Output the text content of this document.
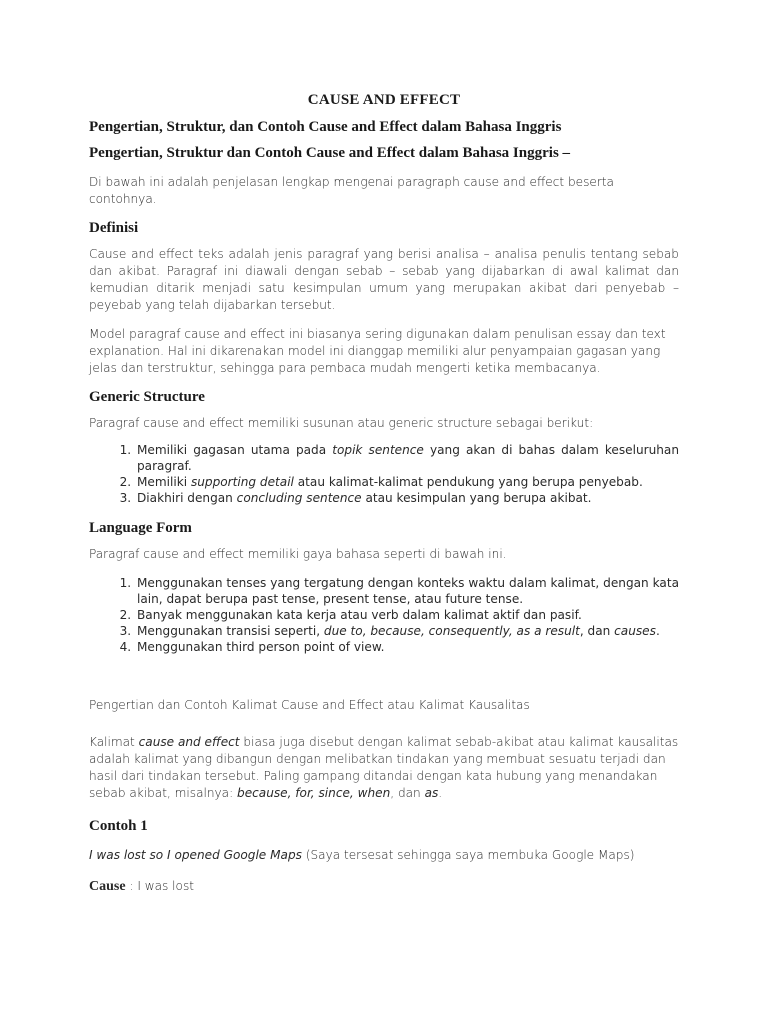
CAUSE AND EFFECT
Pengertian, Struktur, dan Contoh Cause and Effect dalam Bahasa Inggris
Pengertian, Struktur dan Contoh Cause and Effect dalam Bahasa Inggris –

Di bawah ini adalah penjelasan lengkap mengenai paragraph cause and effect beserta contohnya.

Definisi

Cause and effect teks adalah jenis paragraf yang berisi analisa – analisa penulis tentang sebab dan akibat. Paragraf ini diawali dengan sebab – sebab yang dijabarkan di awal kalimat dan kemudian ditarik menjadi satu kesimpulan umum yang merupakan akibat dari penyebab – peyebab yang telah dijabarkan tersebut.

Model paragraf cause and effect ini biasanya sering digunakan dalam penulisan essay dan text explanation. Hal ini dikarenakan model ini dianggap memiliki alur penyampaian gagasan yang jelas dan terstruktur, sehingga para pembaca mudah mengerti ketika membacanya.

Generic Structure

Paragraf cause and effect memiliki susunan atau generic structure sebagai berikut:

1. Memiliki gagasan utama pada topik sentence yang akan di bahas dalam keseluruhan paragraf.
2. Memiliki supporting detail atau kalimat-kalimat pendukung yang berupa penyebab.
3. Diakhiri dengan concluding sentence atau kesimpulan yang berupa akibat.
Language Form

Paragraf cause and effect memiliki gaya bahasa seperti di bawah ini.

1. Menggunakan tenses yang tergatung dengan konteks waktu dalam kalimat, dengan kata lain, dapat berupa past tense, present tense, atau future tense.
2. Banyak menggunakan kata kerja atau verb dalam kalimat aktif dan pasif.
3. Menggunakan transisi seperti, due to, because, consequently, as a result, dan causes.
4. Menggunakan third person point of view.

Pengertian dan Contoh Kalimat Cause and Effect atau Kalimat Kausalitas

Kalimat cause and effect biasa juga disebut dengan kalimat sebab-akibat atau kalimat kausalitas adalah kalimat yang dibangun dengan melibatkan tindakan yang membuat sesuatu terjadi dan hasil dari tindakan tersebut. Paling gampang ditandai dengan kata hubung yang menandakan sebab akibat, misalnya: because, for, since, when, dan as.

Contoh 1

I was lost so I opened Google Maps (Saya tersesat sehingga saya membuka Google Maps)

Cause : I was lost
